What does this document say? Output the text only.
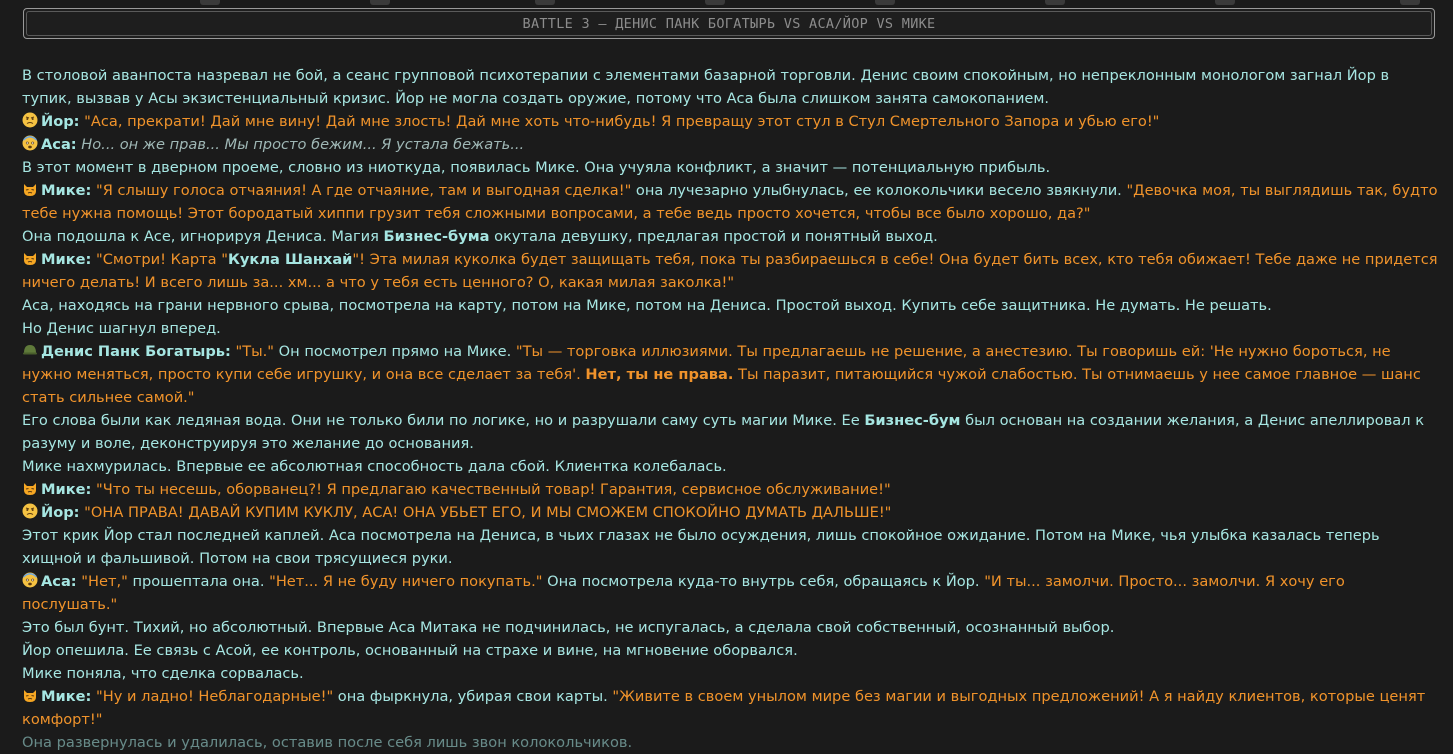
BATTLE 3 – ДЕНИС ПАНК БОГАТЫРЬ VS АСА/ЙОР VS МИКЕ

В столовой аванпоста назревал не бой, а сеанс групповой психотерапии с элементами базарной торговли. Денис своим спокойным, но непреклонным монологом загнал Йор в тупик, вызвав у Асы экзистенциальный кризис. Йор не могла создать оружие, потому что Аса была слишком занята самокопанием.

Йор: "Аса, прекрати! Дай мне вину! Дай мне злость! Дай мне хоть что-нибудь! Я превращу этот стул в Стул Смертельного Запора и убью его!"

Аса: Но... он же прав... Мы просто бежим... Я устала бежать...

В этот момент в дверном проеме, словно из ниоткуда, появилась Мике. Она учуяла конфликт, а значит — потенциальную прибыль.

Мике: "Я слышу голоса отчаяния! А где отчаяние, там и выгодная сделка!" она лучезарно улыбнулась, ее колокольчики весело звякнули. "Девочка моя, ты выглядишь так, будто тебе нужна помощь! Этот бородатый хиппи грузит тебя сложными вопросами, а тебе ведь просто хочется, чтобы все было хорошо, да?"

Она подошла к Асе, игнорируя Дениса. Магия Бизнес-бума окутала девушку, предлагая простой и понятный выход.

Мике: "Смотри! Карта "Кукла Шанхай"! Эта милая куколка будет защищать тебя, пока ты разбираешься в себе! Она будет бить всех, кто тебя обижает! Тебе даже не придется ничего делать! И всего лишь за... хм... а что у тебя есть ценного? О, какая милая заколка!"

Аса, находясь на грани нервного срыва, посмотрела на карту, потом на Мике, потом на Дениса. Простой выход. Купить себе защитника. Не думать. Не решать.

Но Денис шагнул вперед.

Денис Панк Богатырь: "Ты." Он посмотрел прямо на Мике. "Ты — торговка иллюзиями. Ты предлагаешь не решение, а анестезию. Ты говоришь ей: 'Не нужно бороться, не нужно меняться, просто купи себе игрушку, и она все сделает за тебя'. Нет, ты не права. Ты паразит, питающийся чужой слабостью. Ты отнимаешь у нее самое главное — шанс стать сильнее самой."

Его слова были как ледяная вода. Они не только били по логике, но и разрушали саму суть магии Мике. Ее Бизнес-бум был основан на создании желания, а Денис апеллировал к разуму и воле, деконструируя это желание до основания.

Мике нахмурилась. Впервые ее абсолютная способность дала сбой. Клиентка колебалась.

Мике: "Что ты несешь, оборванец?! Я предлагаю качественный товар! Гарантия, сервисное обслуживание!"

Йор: "ОНА ПРАВА! ДАВАЙ КУПИМ КУКЛУ, АСА! ОНА УБЬЕТ ЕГО, И МЫ СМОЖЕМ СПОКОЙНО ДУМАТЬ ДАЛЬШЕ!"

Этот крик Йор стал последней каплей. Аса посмотрела на Дениса, в чьих глазах не было осуждения, лишь спокойное ожидание. Потом на Мике, чья улыбка казалась теперь хищной и фальшивой. Потом на свои трясущиеся руки.

Аса: "Нет," прошептала она. "Нет... Я не буду ничего покупать." Она посмотрела куда-то внутрь себя, обращаясь к Йор. "И ты... замолчи. Просто... замолчи. Я хочу его послушать."

Это был бунт. Тихий, но абсолютный. Впервые Аса Митака не подчинилась, не испугалась, а сделала свой собственный, осознанный выбор.

Йор опешила. Ее связь с Асой, ее контроль, основанный на страхе и вине, на мгновение оборвался.

Мике поняла, что сделка сорвалась.

Мике: "Ну и ладно! Неблагодарные!" она фыркнула, убирая свои карты. "Живите в своем унылом мире без магии и выгодных предложений! А я найду клиентов, которые ценят комфорт!"

Она развернулась и удалилась, оставив после себя лишь звон колокольчиков.
